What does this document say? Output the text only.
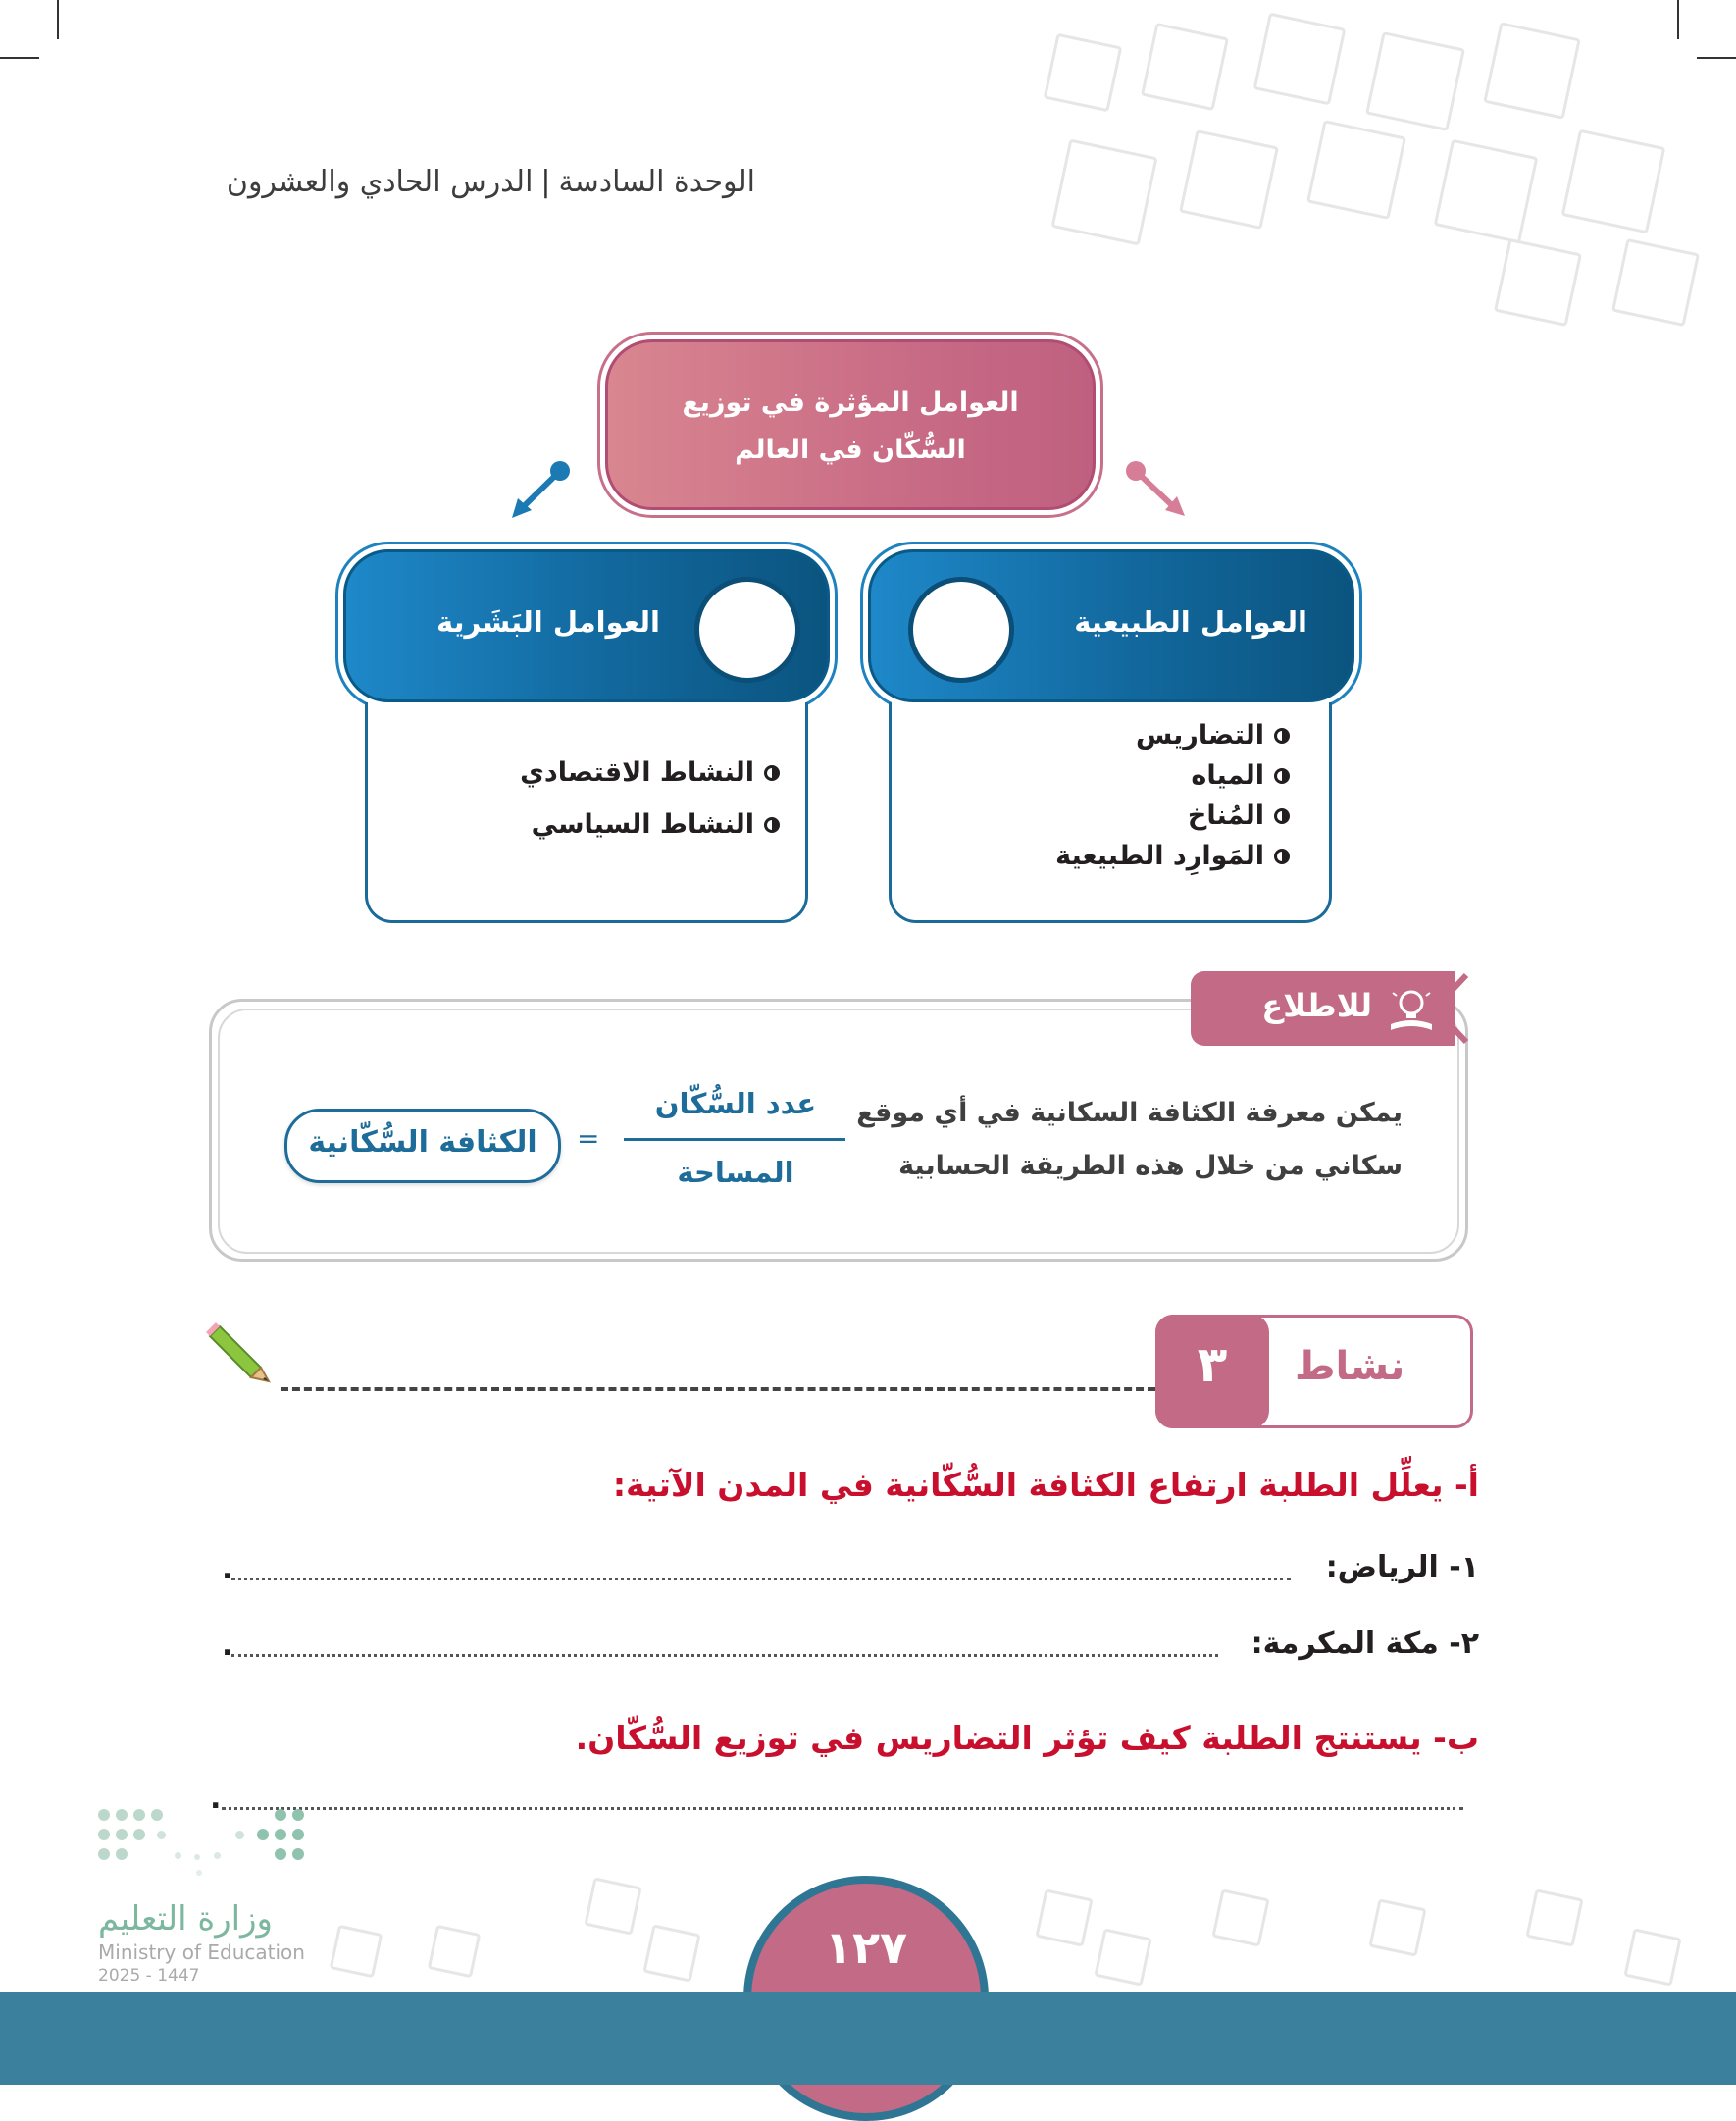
الوحدة السادسة|الدرس الحادي والعشرون
العوامل المؤثرة في توزيع
السُّكّان في العالم
العوامل الطبيعية
التضاريس
المياه
المُناخ
المَوارِد الطبيعية
العوامل البَشَرية
النشاط الاقتصادي
النشاط السياسي
للاطلاع
يمكن معرفة الكثافة السكانية في أي موقع
سكاني من خلال هذه الطريقة الحسابية
عدد السُّكّان
المساحة
=
الكثافة السُّكّانية
٣	نشاط
أ- يعلِّل الطلبة ارتفاع الكثافة السُّكّانية في المدن الآتية:
١- الرياض:
.
٢- مكة المكرمة:
.
ب- يستنتج الطلبة كيف تؤثر التضاريس في توزيع السُّكّان.
.
وزارة التعليم
Ministry of Education
2025 - 1447
١٢٧
